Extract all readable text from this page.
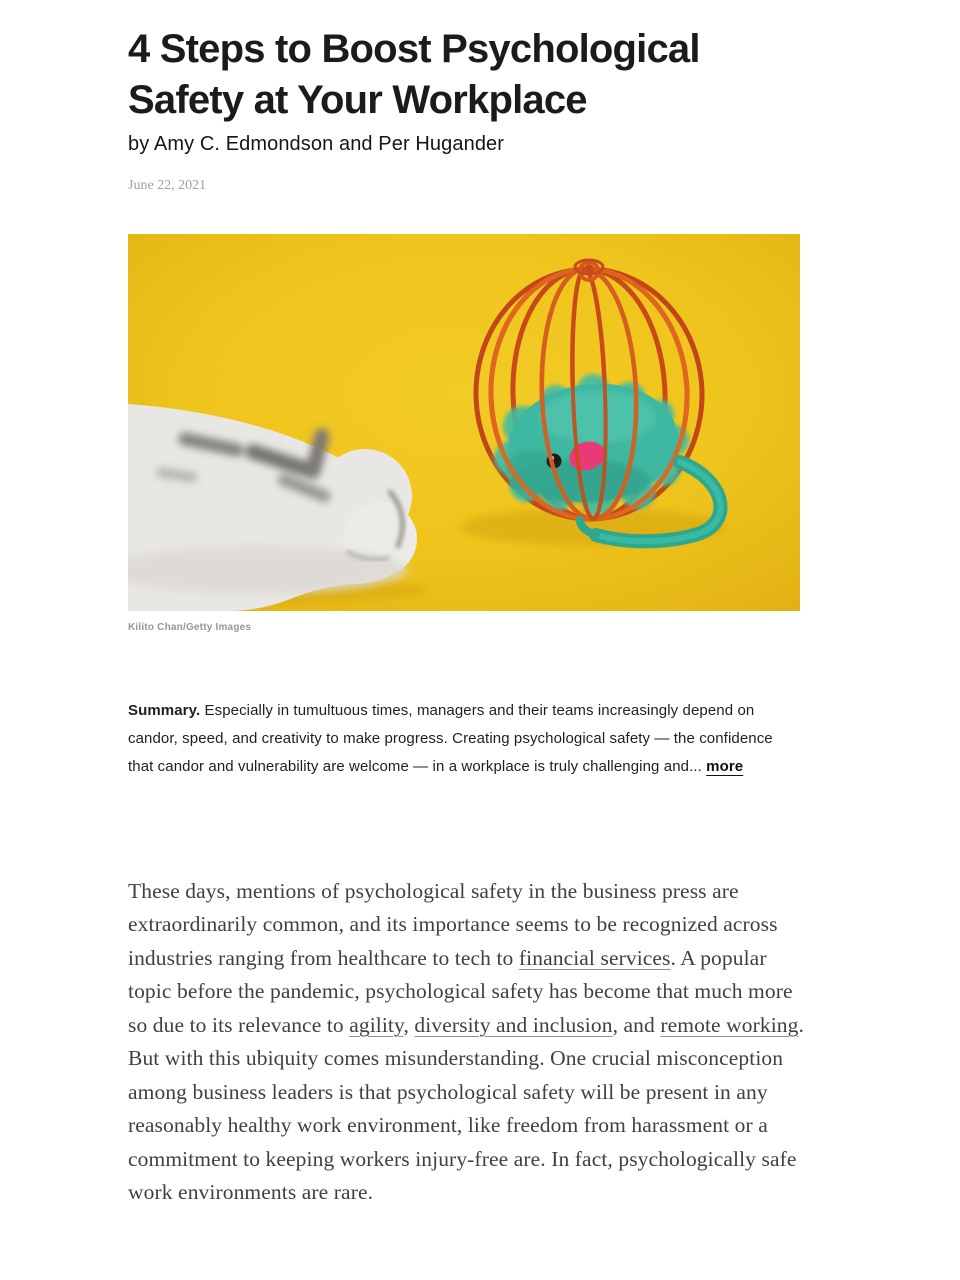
4 Steps to Boost Psychological Safety at Your Workplace
by Amy C. Edmondson and Per Hugander
June 22, 2021
Kilito Chan/Getty Images

Summary. Especially in tumultuous times, managers and their teams increasingly depend on candor, speed, and creativity to make progress. Creating psychological safety — the confidence that candor and vulnerability are welcome — in a workplace is truly challenging and... more

These days, mentions of psychological safety in the business press are extraordinarily common, and its importance seems to be recognized across industries ranging from healthcare to tech to financial services. A popular topic before the pandemic, psychological safety has become that much more so due to its relevance to agility, diversity and inclusion, and remote working. But with this ubiquity comes misunderstanding. One crucial misconception among business leaders is that psychological safety will be present in any reasonably healthy work environment, like freedom from harassment or a commitment to keeping workers injury-free are. In fact, psychologically safe work environments are rare.
